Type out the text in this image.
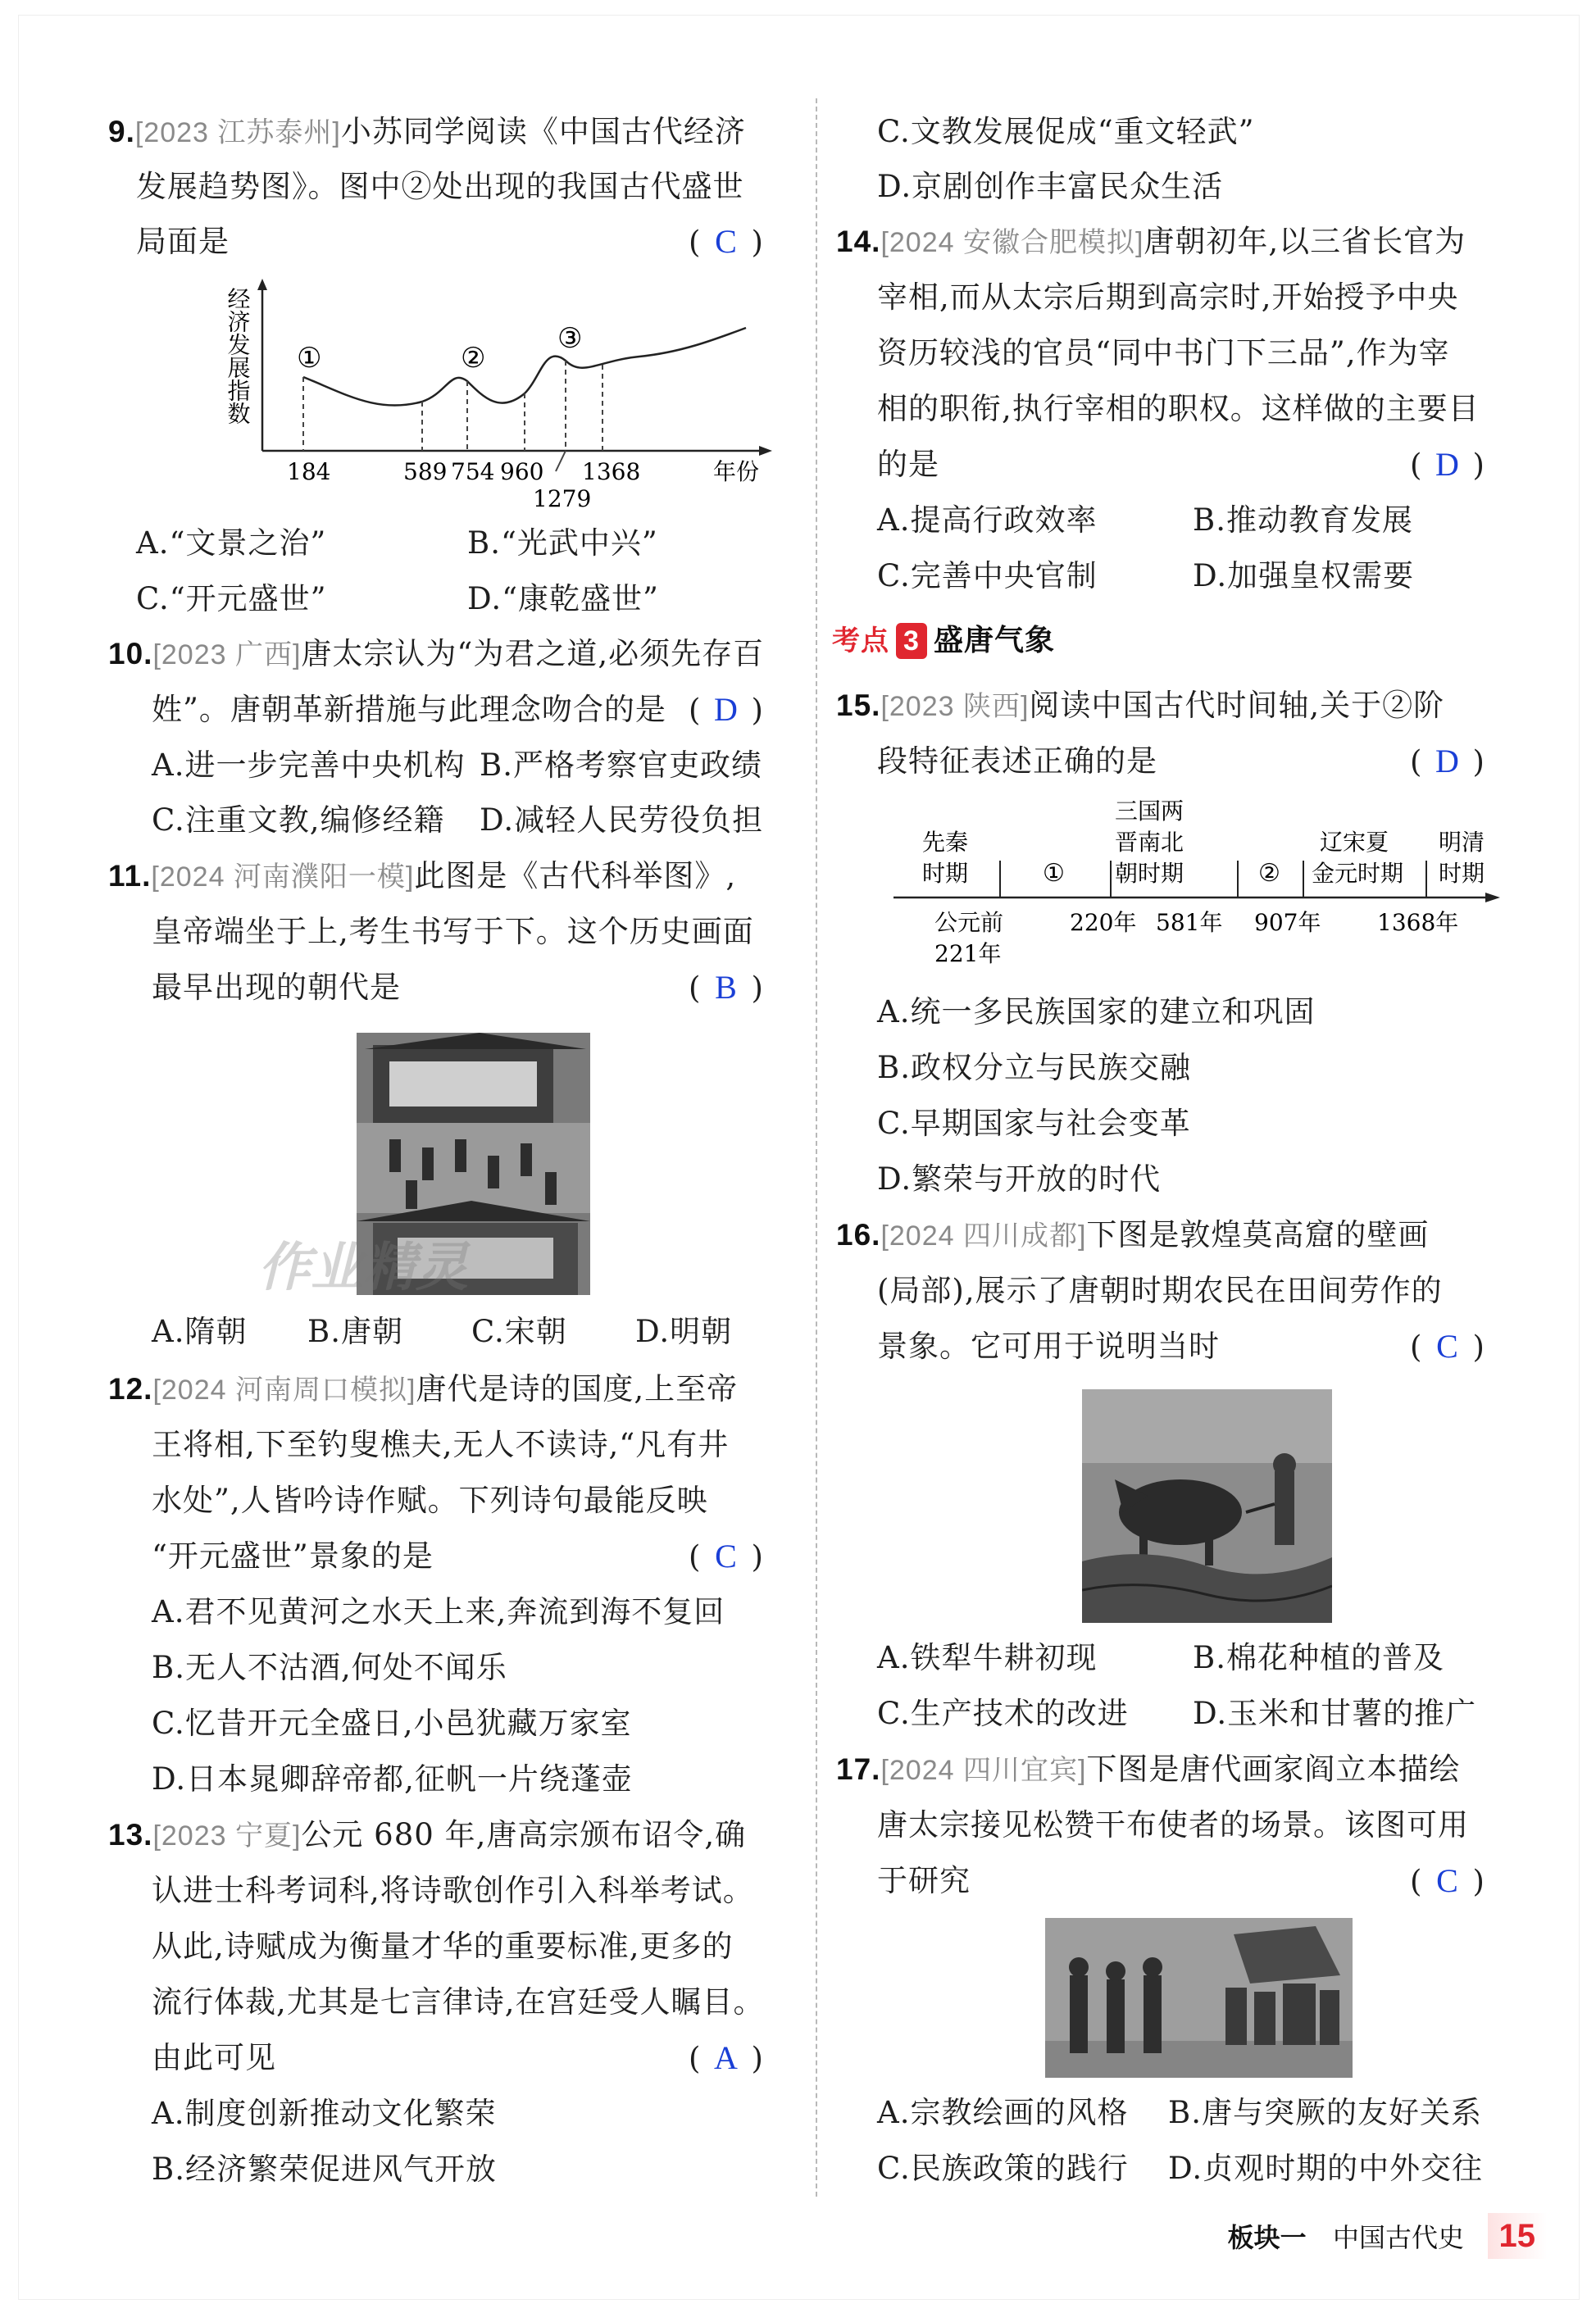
9.[2023 江苏泰州]小苏同学阅读《中国古代经济
发展趋势图》。图中②处出现的我国古代盛世
局面是	( C )
经济发展指数 ①	②
③
184	589 754 960 1368
1279
年份
A.“文景之治”	B.“光武中兴”
C.“开元盛世”	D.“康乾盛世”
10.[2023 广西]唐太宗认为“为君之道,必须先存百
姓”。唐朝革新措施与此理念吻合的是 ( D )
A.进一步完善中央机构 B.严格考察官吏政绩
C.注重文教,编修经籍 D.减轻人民劳役负担
11.[2024 河南濮阳一模]此图是《古代科举图》,
皇帝端坐于上,考生书写于下。这个历史画面
最早出现的朝代是	( B )
作业精灵
A.隋朝 B.唐朝 C.宋朝 D.明朝
12.[2024 河南周口模拟]唐代是诗的国度,上至帝
王将相,下至钓叟樵夫,无人不读诗,“凡有井
水处”,人皆吟诗作赋。下列诗句最能反映
“开元盛世”景象的是	( C )
A.君不见黄河之水天上来,奔流到海不复回
B.无人不沽酒,何处不闻乐
C.忆昔开元全盛日,小邑犹藏万家室
D.日本晁卿辞帝都,征帆一片绕蓬壶
13.[2023 宁夏]公元 680 年,唐高宗颁布诏令,确
认进士科考词科,将诗歌创作引入科举考试。
从此,诗赋成为衡量才华的重要标准,更多的
流行体裁,尤其是七言律诗,在宫廷受人瞩目。
由此可见	( A )
A.制度创新推动文化繁荣
B.经济繁荣促进风气开放
C.文教发展促成“重文轻武”
D.京剧创作丰富民众生活
14.[2024 安徽合肥模拟]唐朝初年,以三省长官为
宰相,而从太宗后期到高宗时,开始授予中央
资历较浅的官员“同中书门下三品”,作为宰
相的职衔,执行宰相的职权。这样做的主要目
的是	( D )
A.提高行政效率	B.推动教育发展
C.完善中央官制	D.加强皇权需要
考点 3 盛唐气象
15.[2023 陕西]阅读中国古代时间轴,关于②阶
段特征表述正确的是	( D )
先秦
时期	①
三国两
晋南北
朝时期	②
辽宋夏
金元时期
明清
时期
公元前
221年
220年 581年 907年 1368年
A.统一多民族国家的建立和巩固
B.政权分立与民族交融
C.早期国家与社会变革
D.繁荣与开放的时代
16.[2024 四川成都]下图是敦煌莫高窟的壁画
(局部),展示了唐朝时期农民在田间劳作的
景象。它可用于说明当时	( C )
A.铁犁牛耕初现	B.棉花种植的普及
C.生产技术的改进 D.玉米和甘薯的推广
17.[2024 四川宜宾]下图是唐代画家阎立本描绘
唐太宗接见松赞干布使者的场景。该图可用
于研究	( C )
A.宗教绘画的风格 B.唐与突厥的友好关系
C.民族政策的践行 D.贞观时期的中外交往
板块一 中国古代史 15
